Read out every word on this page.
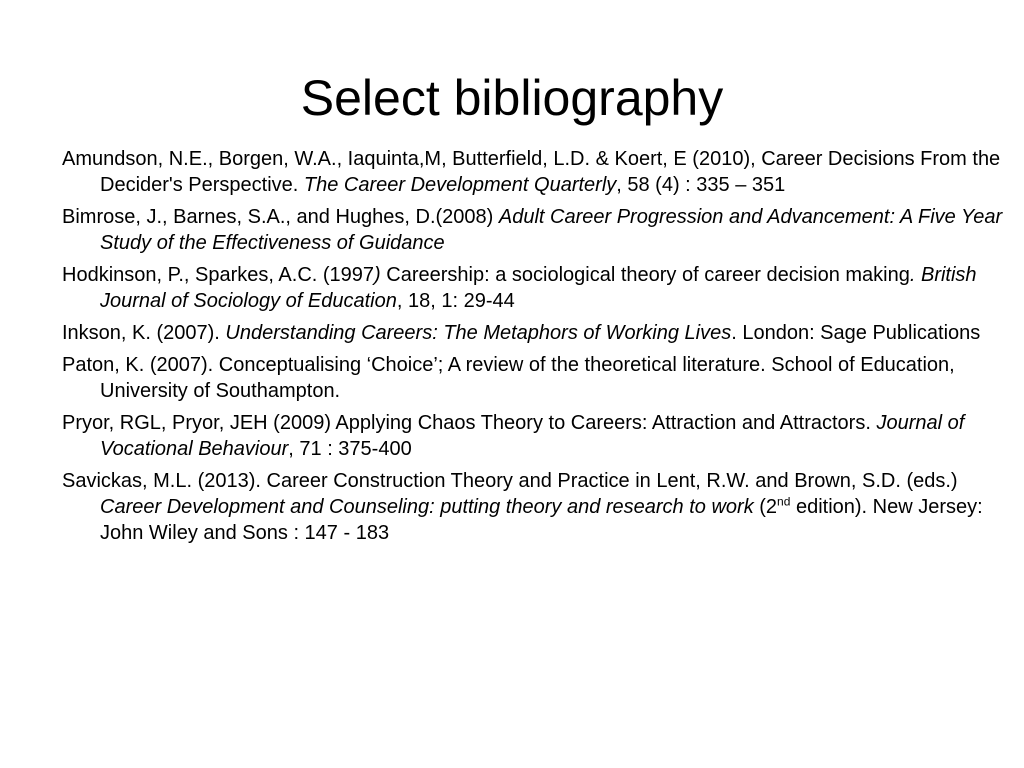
Select bibliography
Amundson, N.E., Borgen, W.A., Iaquinta,M, Butterfield, L.D. & Koert, E (2010), Career Decisions From the Decider's Perspective. The Career Development Quarterly, 58 (4) : 335 – 351
Bimrose, J., Barnes, S.A., and Hughes, D.(2008) Adult Career Progression and Advancement: A Five Year Study of the Effectiveness of Guidance
Hodkinson, P., Sparkes, A.C. (1997) Careership: a sociological theory of career decision making. British Journal of Sociology of Education, 18, 1: 29-44
Inkson, K. (2007). Understanding Careers: The Metaphors of Working Lives. London: Sage Publications
Paton, K. (2007). Conceptualising ‘Choice’; A review of the theoretical literature. School of Education, University of Southampton.
Pryor, RGL, Pryor, JEH (2009) Applying Chaos Theory to Careers: Attraction and Attractors. Journal of Vocational Behaviour, 71 : 375-400
Savickas, M.L. (2013). Career Construction Theory and Practice in Lent, R.W. and Brown, S.D. (eds.) Career Development and Counseling: putting theory and research to work (2nd edition). New Jersey: John Wiley and Sons : 147 - 183
